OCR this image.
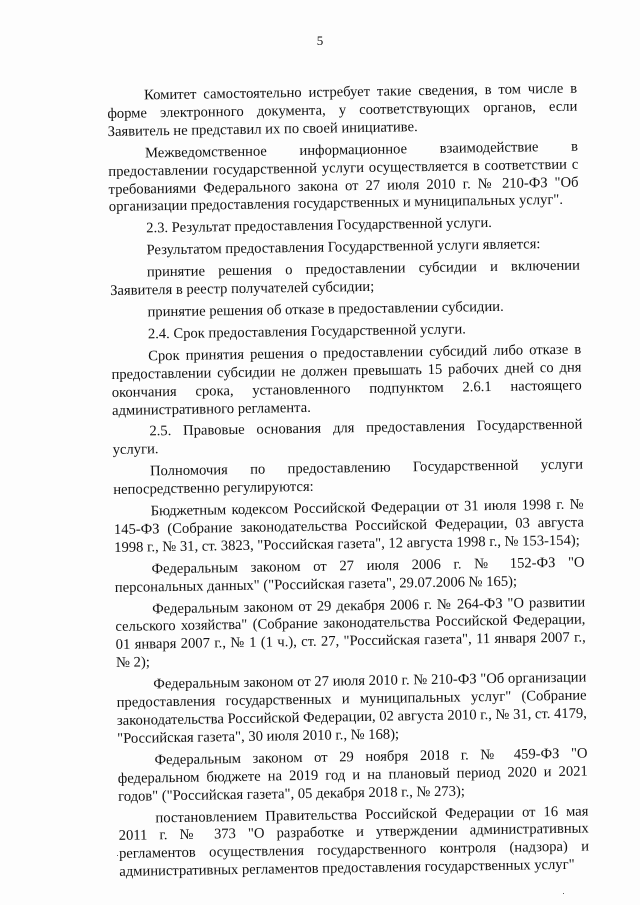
5

Комитет самостоятельно истребует такие сведения, в том числе в форме электронного документа, у соответствующих органов, если Заявитель не представил их по своей инициативе.

Межведомственное информационное взаимодействие в предоставлении государственной услуги осуществляется в соответствии с требованиями Федерального закона от 27 июля 2010 г. № 210-ФЗ "Об организации предоставления государственных и муниципальных услуг".

2.3. Результат предоставления Государственной услуги.

Результатом предоставления Государственной услуги является:

принятие решения о предоставлении субсидии и включении Заявителя в реестр получателей субсидии;

принятие решения об отказе в предоставлении субсидии.

2.4. Срок предоставления Государственной услуги.

Срок принятия решения о предоставлении субсидий либо отказе в предоставлении субсидии не должен превышать 15 рабочих дней со дня окончания срока, установленного подпунктом 2.6.1 настоящего административного регламента.

2.5. Правовые основания для предоставления Государственной услуги.

Полномочия по предоставлению Государственной услуги непосредственно регулируются:

Бюджетным кодексом Российской Федерации от 31 июля 1998 г. № 145-ФЗ (Собрание законодательства Российской Федерации, 03 августа 1998 г., № 31, ст. 3823, "Российская газета", 12 августа 1998 г., № 153-154);

Федеральным законом от 27 июля 2006 г. № 152-ФЗ "О персональных данных" ("Российская газета", 29.07.2006 № 165);

Федеральным законом от 29 декабря 2006 г. № 264-ФЗ "О развитии сельского хозяйства" (Собрание законодательства Российской Федерации, 01 января 2007 г., № 1 (1 ч.), ст. 27, "Российская газета", 11 января 2007 г., № 2);

Федеральным законом от 27 июля 2010 г. № 210-ФЗ "Об организации предоставления государственных и муниципальных услуг" (Собрание законодательства Российской Федерации, 02 августа 2010 г., № 31, ст. 4179, "Российская газета", 30 июля 2010 г., № 168);

Федеральным законом от 29 ноября 2018 г. № 459-ФЗ "О федеральном бюджете на 2019 год и на плановый период 2020 и 2021 годов" ("Российская газета", 05 декабря 2018 г., № 273);

постановлением Правительства Российской Федерации от 16 мая 2011 г. № 373 "О разработке и утверждении административных регламентов осуществления государственного контроля (надзора) и административных регламентов предоставления государственных услуг"
